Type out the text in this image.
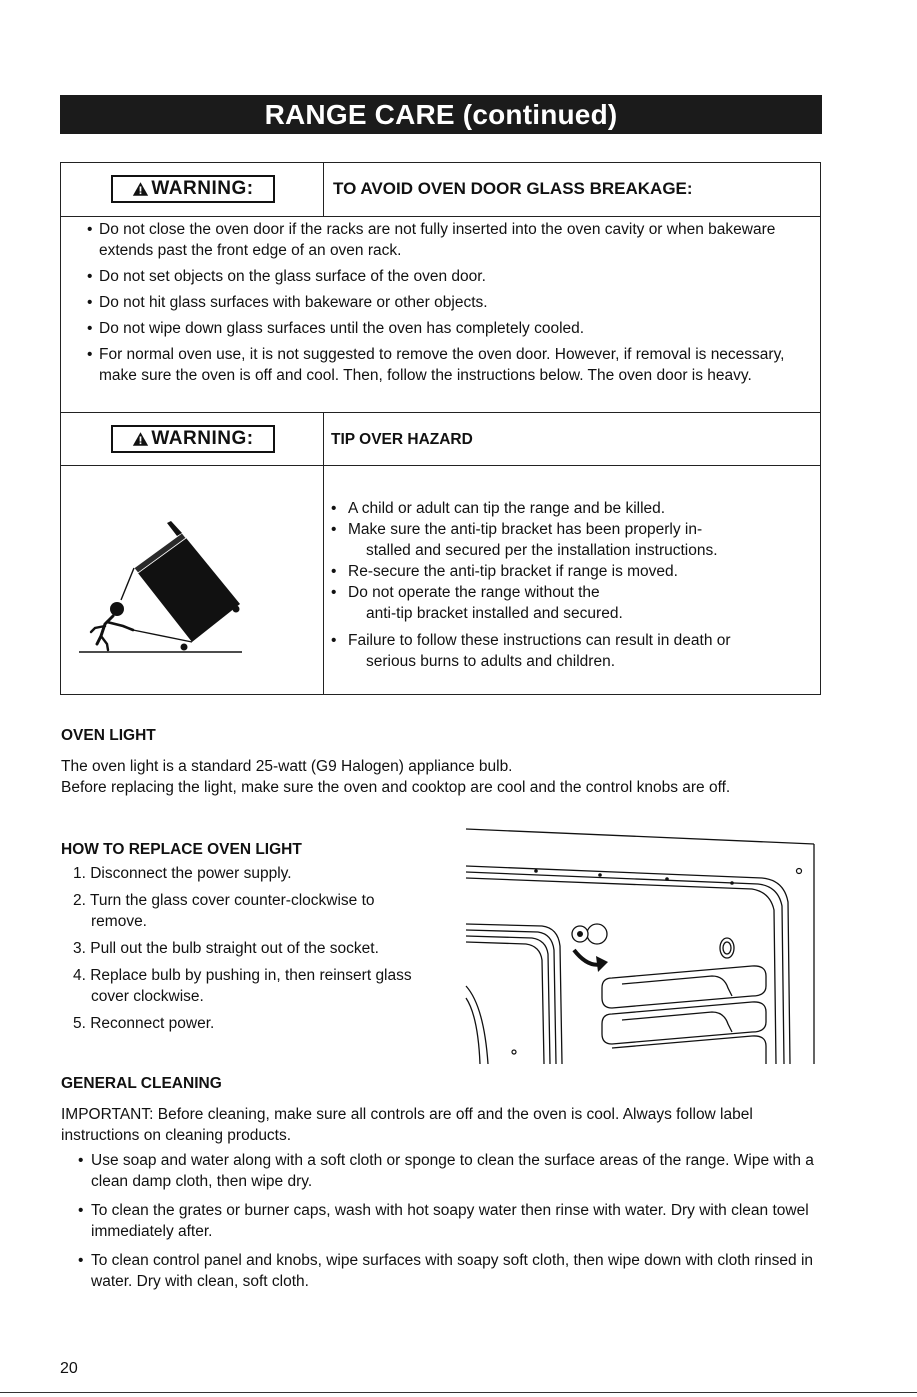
RANGE CARE (continued)
WARNING:	TO AVOID OVEN DOOR GLASS BREAKAGE:
• Do not close the oven door if the racks are not fully inserted into the oven cavity or when bakeware extends past the front edge of an oven rack.
• Do not set objects on the glass surface of the oven door.
• Do not hit glass surfaces with bakeware or other objects.
• Do not wipe down glass surfaces until the oven has completely cooled.
• For normal oven use, it is not suggested to remove the oven door. However, if removal is necessary, make sure the oven is off and cool. Then, follow the instructions below. The oven door is heavy.
WARNING:	TIP OVER HAZARD
• A child or adult can tip the range and be killed.
• Make sure the anti-tip bracket has been properly in-
stalled and secured per the installation instructions.
• Re-secure the anti-tip bracket if range is moved.
• Do not operate the range without the
anti-tip bracket installed and secured.
• Failure to follow these instructions can result in death or
serious burns to adults and children.
OVEN LIGHT
The oven light is a standard 25-watt (G9 Halogen) appliance bulb.
Before replacing the light, make sure the oven and cooktop are cool and the control knobs are off.
HOW TO REPLACE OVEN LIGHT
1. Disconnect the power supply.
2. Turn the glass cover counter-clockwise to remove.
3. Pull out the bulb straight out of the socket.
4. Replace bulb by pushing in, then reinsert glass cover clockwise.
5. Reconnect power.
GENERAL CLEANING
IMPORTANT: Before cleaning, make sure all controls are off and the oven is cool. Always follow label instructions on cleaning products.
• Use soap and water along with a soft cloth or sponge to clean the surface areas of the range. Wipe with a clean damp cloth, then wipe dry.
• To clean the grates or burner caps, wash with hot soapy water then rinse with water. Dry with clean towel immediately after.
• To clean control panel and knobs, wipe surfaces with soapy soft cloth, then wipe down with cloth rinsed in water. Dry with clean, soft cloth.
20
